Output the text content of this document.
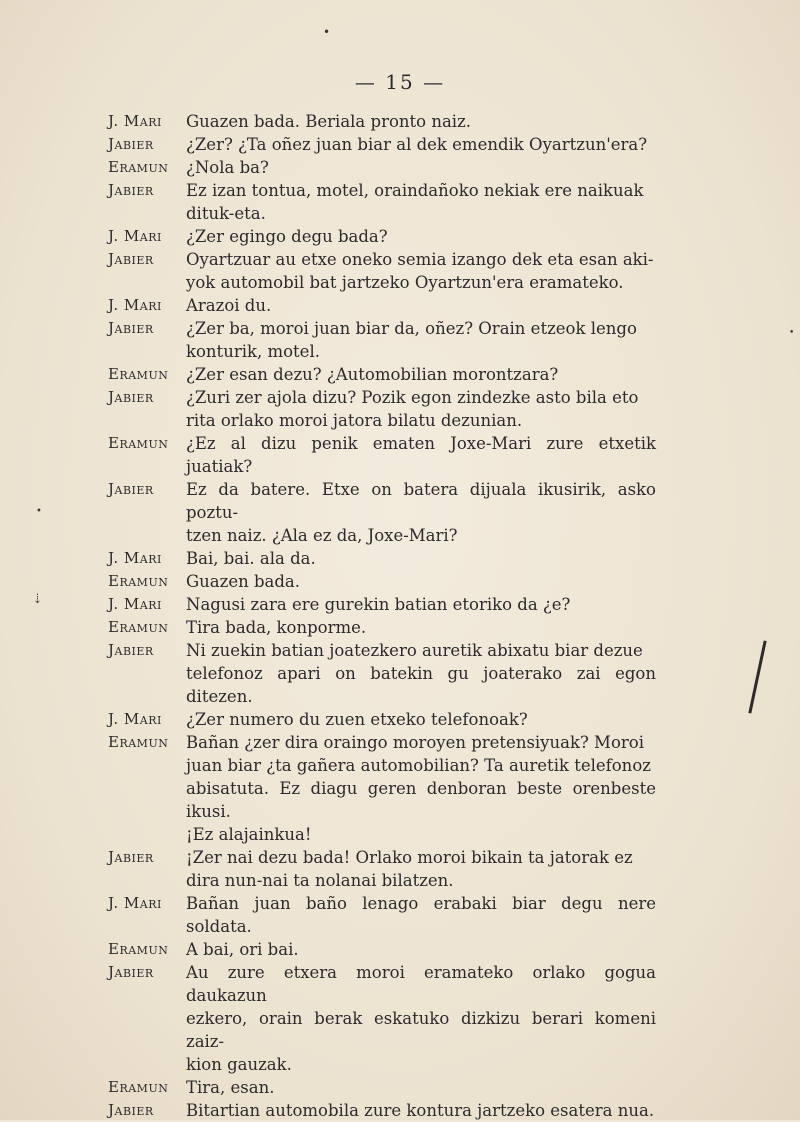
— 15 —
J. Mari	Guazen bada. Beriala pronto naiz.
Jabier	¿Zer? ¿Ta oñez juan biar al dek emendik Oyartzun'era?
Eramun	¿Nola ba?
Jabier	Ez izan tontua, motel, oraindañoko nekiak ere naikuak
dituk-eta.
J. Mari	¿Zer egingo degu bada?
Jabier	Oyartzuar au etxe oneko semia izango dek eta esan aki-
yok automobil bat jartzeko Oyartzun'era eramateko.
J. Mari	Arazoi du.
Jabier	¿Zer ba, moroi juan biar da, oñez? Orain etzeok lengo
konturik, motel.
Eramun	¿Zer esan dezu? ¿Automobilian morontzara?
Jabier	¿Zuri zer ajola dizu? Pozik egon zindezke asto bila eto
rita orlako moroi jatora bilatu dezunian.
Eramun	¿Ez al dizu penik ematen Joxe-Mari zure etxetik juatiak?
Jabier	Ez da batere. Etxe on batera dijuala ikusirik, asko poztu-
tzen naiz. ¿Ala ez da, Joxe-Mari?
J. Mari	Bai, bai. ala da.
Eramun	Guazen bada.
J. Mari	Nagusi zara ere gurekin batian etoriko da ¿e?
Eramun	Tira bada, konporme.
Jabier	Ni zuekin batian joatezkero auretik abixatu biar dezue
telefonoz apari on batekin gu joaterako zai egon ditezen.
J. Mari	¿Zer numero du zuen etxeko telefonoak?
Eramun	Bañan ¿zer dira oraingo moroyen pretensiyuak? Moroi
juan biar ¿ta gañera automobilian? Ta auretik telefonoz
abisatuta. Ez diagu geren denboran beste orenbeste ikusi.
¡Ez alajainkua!
Jabier	¡Zer nai dezu bada! Orlako moroi bikain ta jatorak ez
dira nun-nai ta nolanai bilatzen.
J. Mari	Bañan juan baño lenago erabaki biar degu nere soldata.
Eramun	A bai, ori bai.
Jabier	Au zure etxera moroi eramateko orlako gogua daukazun
ezkero, orain berak eskatuko dizkizu berari komeni zaiz-
kion gauzak.
Eramun	Tira, esan.
Jabier	Bitartian automobila zure kontura jartzeko esatera nua.
•
•
⇣
•
